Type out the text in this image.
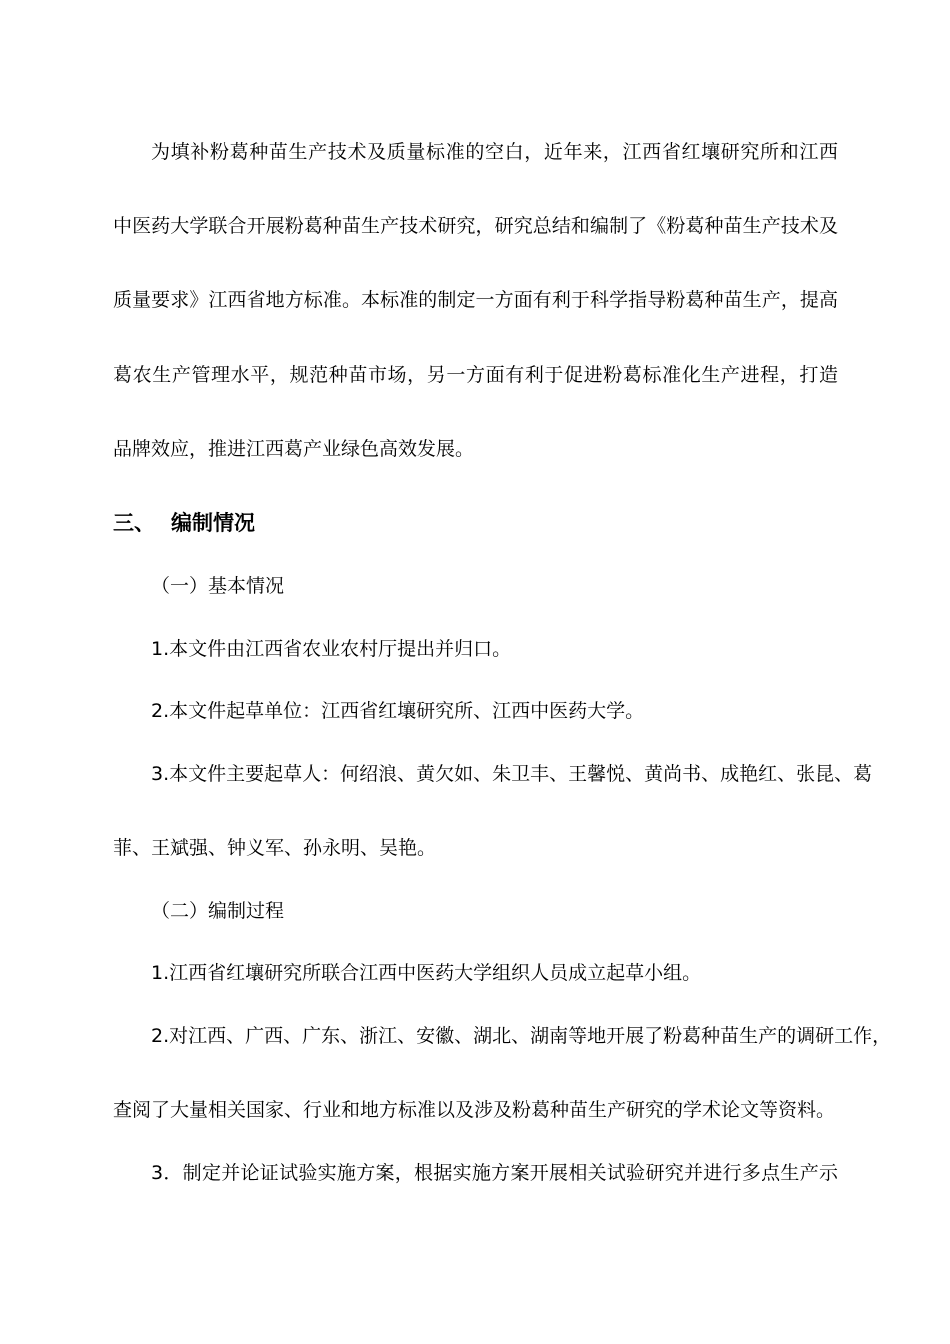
为填补粉葛种苗生产技术及质量标准的空白，近年来，江西省红壤研究所和江西
中医药大学联合开展粉葛种苗生产技术研究，研究总结和编制了《粉葛种苗生产技术及
质量要求》江西省地方标准。本标准的制定一方面有利于科学指导粉葛种苗生产，提高
葛农生产管理水平，规范种苗市场，另一方面有利于促进粉葛标准化生产进程，打造
品牌效应，推进江西葛产业绿色高效发展。
三、 编制情况
（一）基本情况
1.本文件由江西省农业农村厅提出并归口。
2.本文件起草单位：江西省红壤研究所、江西中医药大学。
3.本文件主要起草人：何绍浪、黄欠如、朱卫丰、王馨悦、黄尚书、成艳红、张昆、葛
菲、王斌强、钟义军、孙永明、吴艳。
（二）编制过程
1.江西省红壤研究所联合江西中医药大学组织人员成立起草小组。
2.对江西、广西、广东、浙江、安徽、湖北、湖南等地开展了粉葛种苗生产的调研工作，
查阅了大量相关国家、行业和地方标准以及涉及粉葛种苗生产研究的学术论文等资料。
3．制定并论证试验实施方案，根据实施方案开展相关试验研究并进行多点生产示
